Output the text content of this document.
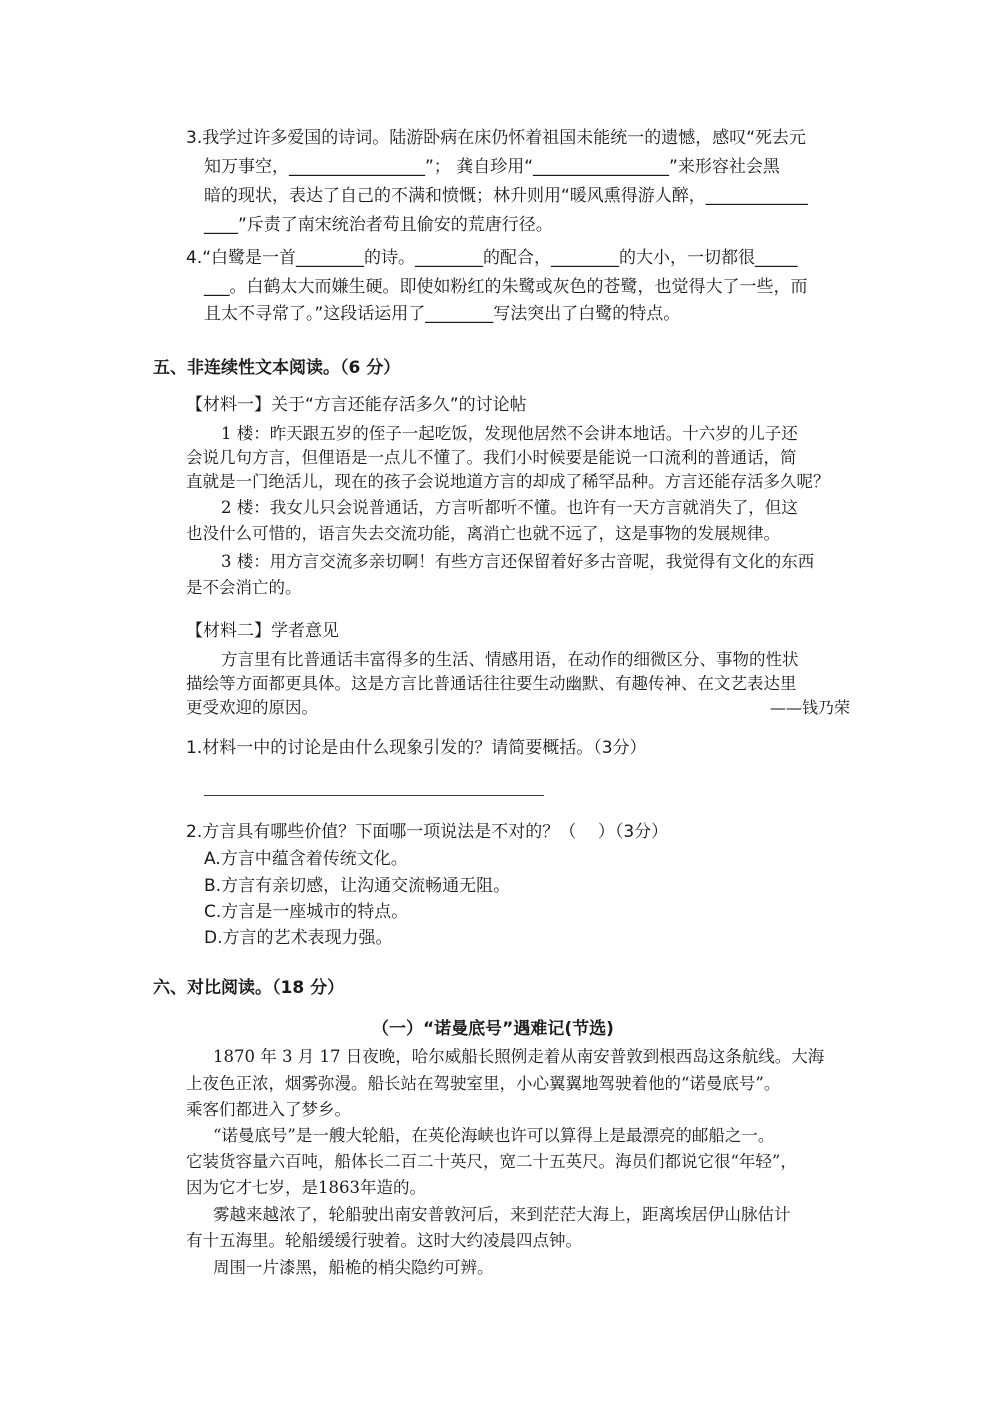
3.我学过许多爱国的诗词。陆游卧病在床仍怀着祖国未能统一的遗憾，感叹“死去元
知万事空，________________”； 龚自珍用“________________”来形容社会黑
暗的现状，表达了自己的不满和愤慨；林升则用“暖风熏得游人醉，____________
____”斥责了南宋统治者苟且偷安的荒唐行径。
4.“白鹭是一首________的诗。________的配合，________的大小，一切都很_____
___。白鹤太大而嫌生硬。即使如粉红的朱鹭或灰色的苍鹭，也觉得大了一些，而
且太不寻常了。”这段话运用了________写法突出了白鹭的特点。
五、非连续性文本阅读。（6 分）
【材料一】关于“方言还能存活多久”的讨论帖
1 楼：昨天跟五岁的侄子一起吃饭，发现他居然不会讲本地话。十六岁的儿子还
会说几句方言，但俚语是一点儿不懂了。我们小时候要是能说一口流利的普通话，简
直就是一门绝活儿，现在的孩子会说地道方言的却成了稀罕品种。方言还能存活多久呢？
2 楼：我女儿只会说普通话，方言听都听不懂。也许有一天方言就消失了，但这
也没什么可惜的，语言失去交流功能，离消亡也就不远了，这是事物的发展规律。
3 楼：用方言交流多亲切啊！有些方言还保留着好多古音呢，我觉得有文化的东西
是不会消亡的。
【材料二】学者意见
方言里有比普通话丰富得多的生活、情感用语，在动作的细微区分、事物的性状
描绘等方面都更具体。这是方言比普通话往往要生动幽默、有趣传神、在文艺表达里
更受欢迎的原因。	——钱乃荣
1.材料一中的讨论是由什么现象引发的？请简要概括。（3分）
2.方言具有哪些价值？下面哪一项说法是不对的？（    ）（3分）
A.方言中蕴含着传统文化。
B.方言有亲切感，让沟通交流畅通无阻。
C.方言是一座城市的特点。
D.方言的艺术表现力强。
六、对比阅读。（18 分）
（一）“诺曼底号”遇难记(节选)
1870 年 3 月 17 日夜晚，哈尔威船长照例走着从南安普敦到根西岛这条航线。大海
上夜色正浓，烟雾弥漫。船长站在驾驶室里，小心翼翼地驾驶着他的“诺曼底号”。
乘客们都进入了梦乡。
“诺曼底号”是一艘大轮船，在英伦海峡也许可以算得上是最漂亮的邮船之一。
它装货容量六百吨，船体长二百二十英尺，宽二十五英尺。海员们都说它很“年轻”，
因为它才七岁，是1863年造的。
雾越来越浓了，轮船驶出南安普敦河后，来到茫茫大海上，距离埃居伊山脉估计
有十五海里。轮船缓缓行驶着。这时大约凌晨四点钟。
周围一片漆黑，船桅的梢尖隐约可辨。
